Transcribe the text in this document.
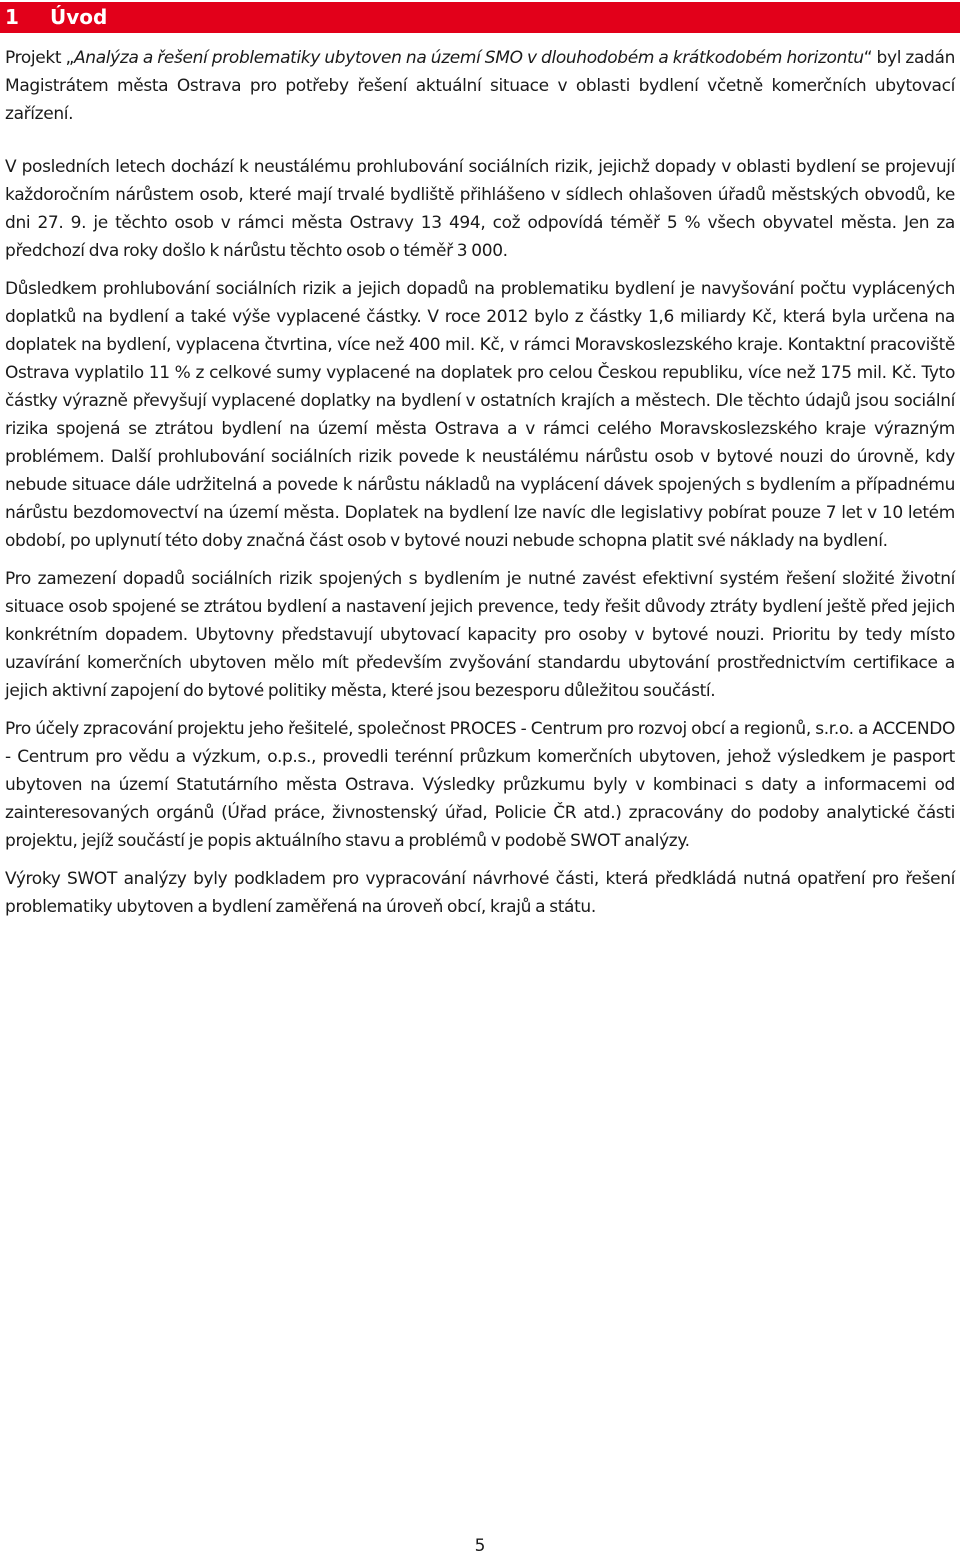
1 Úvod

Projekt „Analýza a řešení problematiky ubytoven na území SMO v dlouhodobém a krátkodobém horizontu“ byl zadán Magistrátem města Ostrava pro potřeby řešení aktuální situace v oblasti bydlení včetně komerčních ubytovací zařízení.

V posledních letech dochází k neustálému prohlubování sociálních rizik, jejichž dopady v oblasti bydlení se projevují každoročním nárůstem osob, které mají trvalé bydliště přihlášeno v sídlech ohlašoven úřadů městských obvodů, ke dni 27. 9. je těchto osob v rámci města Ostravy 13 494, což odpovídá téměř 5 % všech obyvatel města. Jen za předchozí dva roky došlo k nárůstu těchto osob o téměř 3 000.

Důsledkem prohlubování sociálních rizik a jejich dopadů na problematiku bydlení je navyšování počtu vyplácených doplatků na bydlení a také výše vyplacené částky. V roce 2012 bylo z částky 1,6 miliardy Kč, která byla určena na doplatek na bydlení, vyplacena čtvrtina, více než 400 mil. Kč, v rámci Moravskoslezského kraje. Kontaktní pracoviště Ostrava vyplatilo 11 % z celkové sumy vyplacené na doplatek pro celou Českou republiku, více než 175 mil. Kč. Tyto částky výrazně převyšují vyplacené doplatky na bydlení v ostatních krajích a městech. Dle těchto údajů jsou sociální rizika spojená se ztrátou bydlení na území města Ostrava a v rámci celého Moravskoslezského kraje výrazným problémem. Další prohlubování sociálních rizik povede k neustálému nárůstu osob v bytové nouzi do úrovně, kdy nebude situace dále udržitelná a povede k nárůstu nákladů na vyplácení dávek spojených s bydlením a případnému nárůstu bezdomovectví na území města. Doplatek na bydlení lze navíc dle legislativy pobírat pouze 7 let v 10 letém období, po uplynutí této doby značná část osob v bytové nouzi nebude schopna platit své náklady na bydlení.

Pro zamezení dopadů sociálních rizik spojených s bydlením je nutné zavést efektivní systém řešení složité životní situace osob spojené se ztrátou bydlení a nastavení jejich prevence, tedy řešit důvody ztráty bydlení ještě před jejich konkrétním dopadem. Ubytovny představují ubytovací kapacity pro osoby v bytové nouzi. Prioritu by tedy místo uzavírání komerčních ubytoven mělo mít především zvyšování standardu ubytování prostřednictvím certifikace a jejich aktivní zapojení do bytové politiky města, které jsou bezesporu důležitou součástí.

Pro účely zpracování projektu jeho řešitelé, společnost PROCES - Centrum pro rozvoj obcí a regionů, s.r.o. a ACCENDO - Centrum pro vědu a výzkum, o.p.s., provedli terénní průzkum komerčních ubytoven, jehož výsledkem je pasport ubytoven na území Statutárního města Ostrava. Výsledky průzkumu byly v kombinaci s daty a informacemi od zainteresovaných orgánů (Úřad práce, živnostenský úřad, Policie ČR atd.) zpracovány do podoby analytické části projektu, jejíž součástí je popis aktuálního stavu a problémů v podobě SWOT analýzy.

Výroky SWOT analýzy byly podkladem pro vypracování návrhové části, která předkládá nutná opatření pro řešení problematiky ubytoven a bydlení zaměřená na úroveň obcí, krajů a státu.

5
